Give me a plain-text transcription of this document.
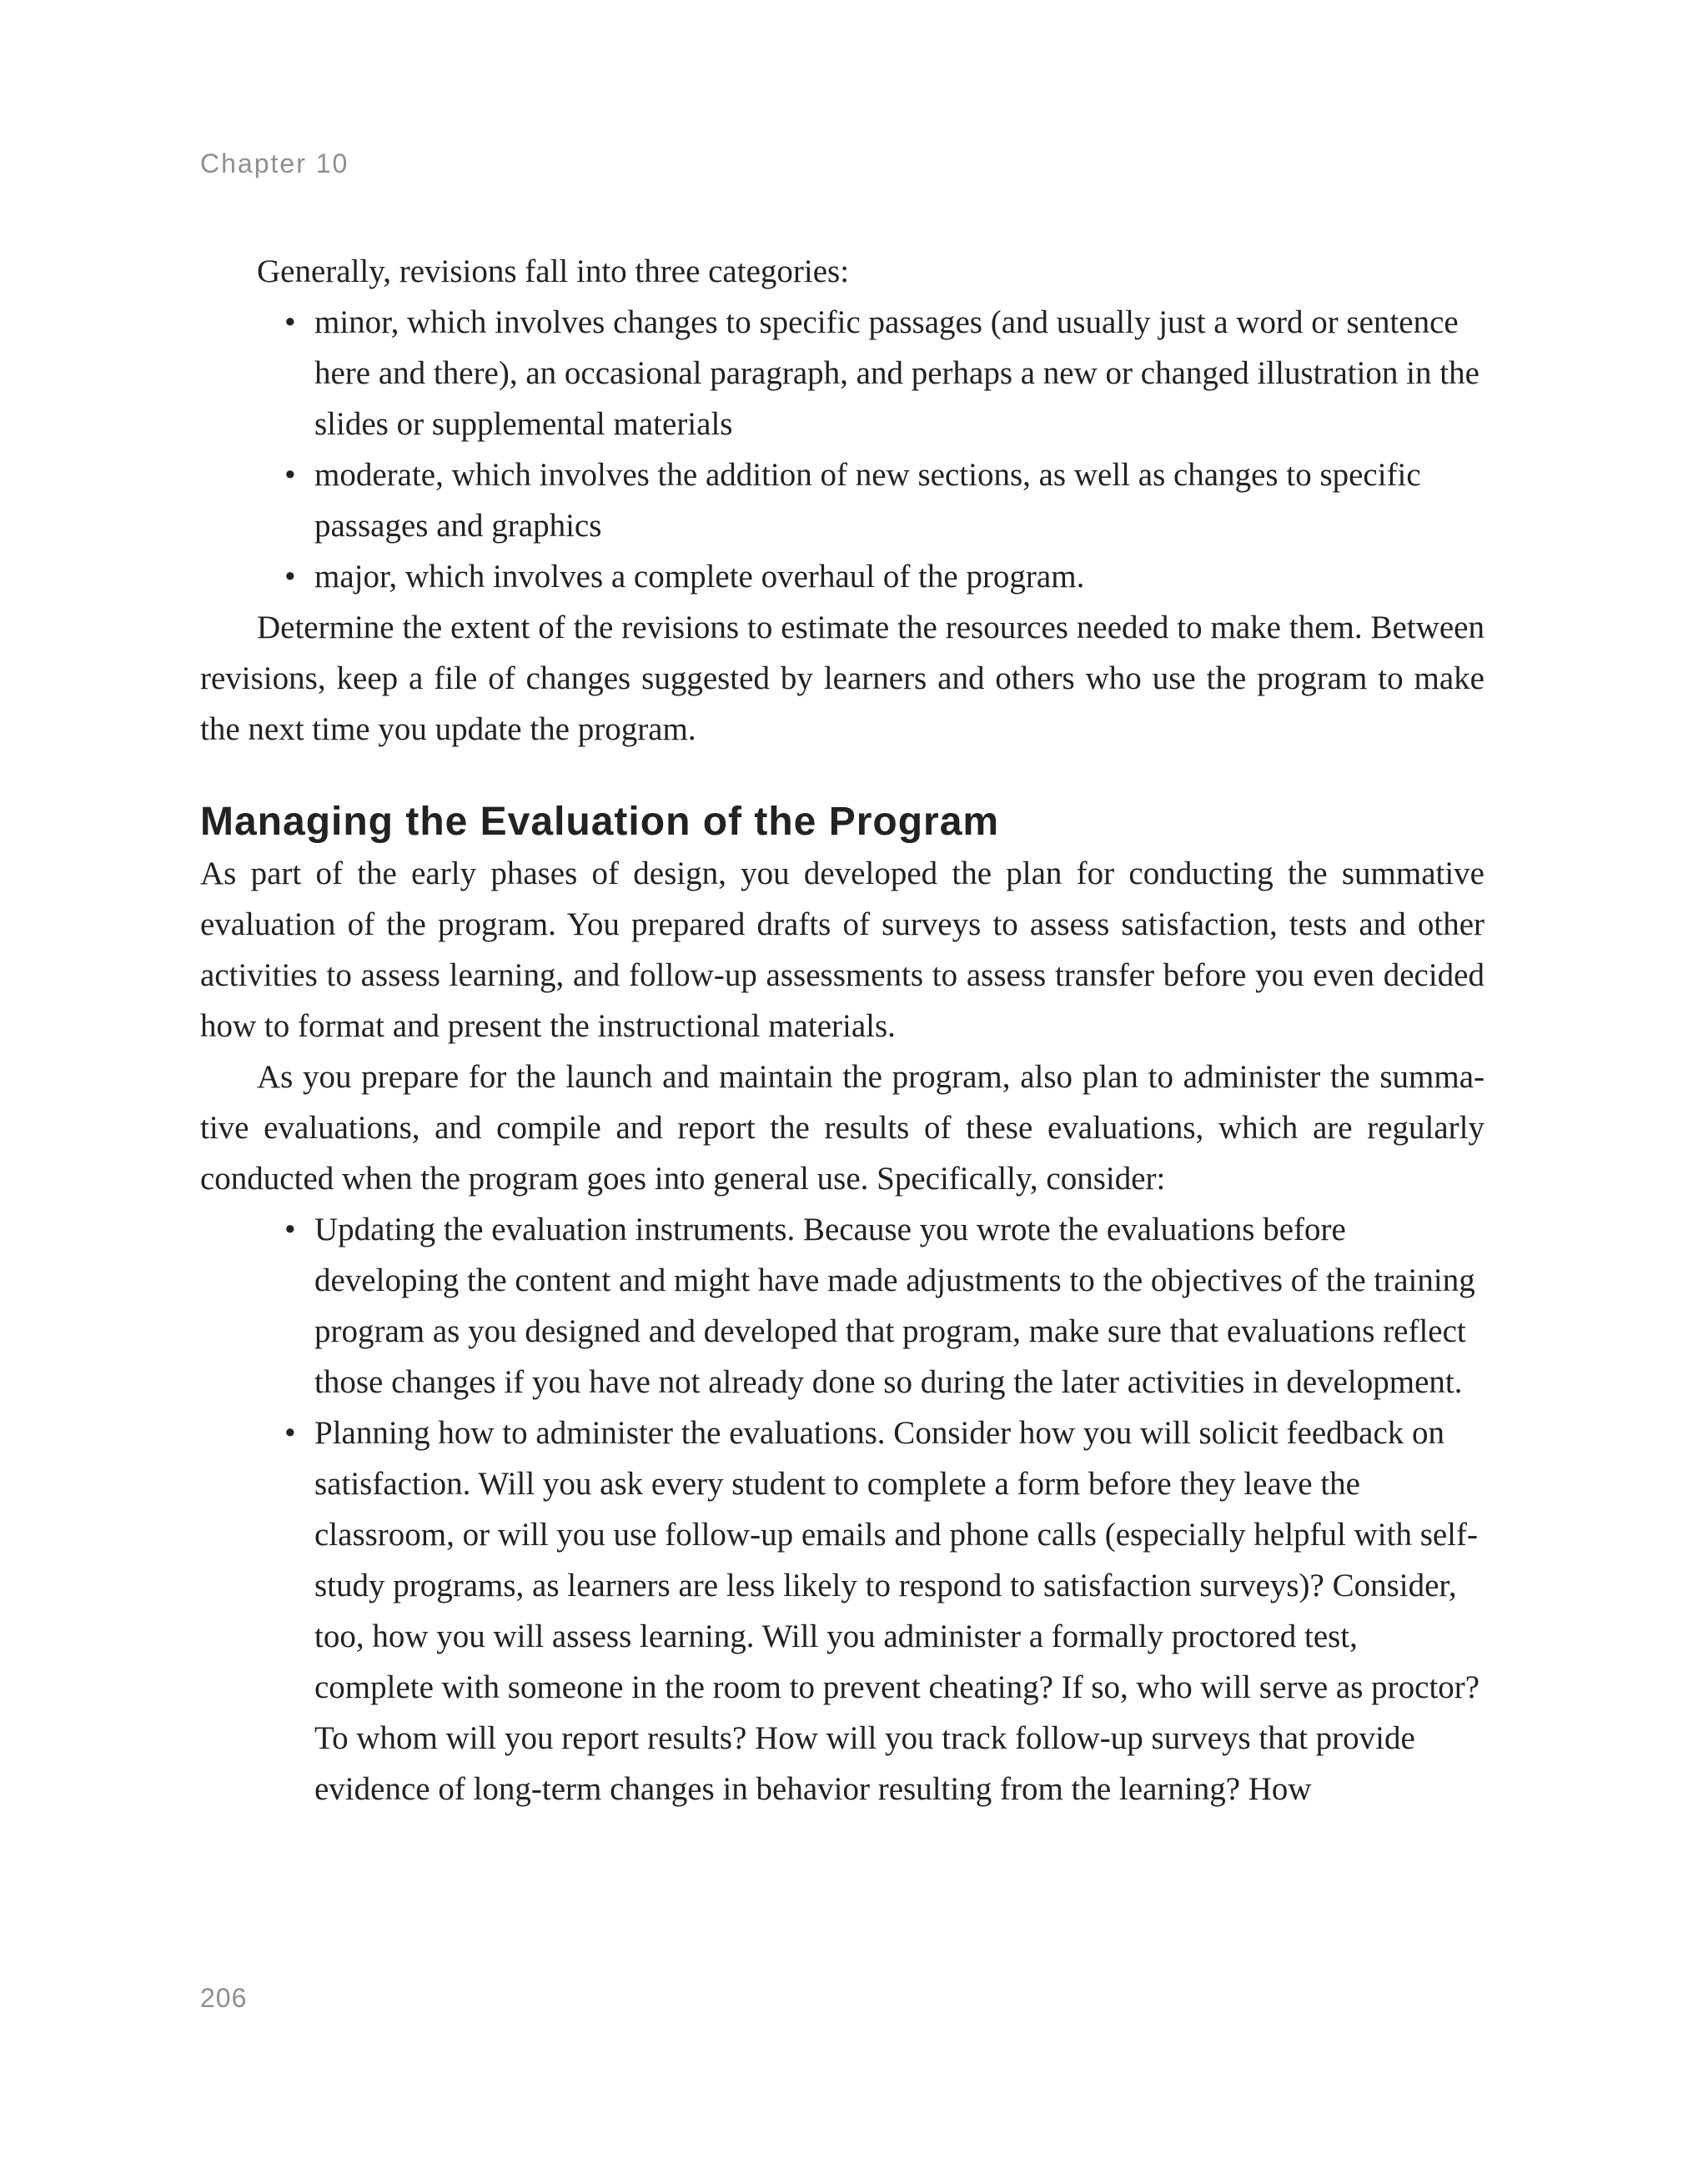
Chapter 10

Generally, revisions fall into three categories:

• minor, which involves changes to specific passages (and usually just a word or sentence here and there), an occasional paragraph, and perhaps a new or changed illustration in the slides or supplemental materials
• moderate, which involves the addition of new sections, as well as changes to specific passages and graphics
• major, which involves a complete overhaul of the program.

Determine the extent of the revisions to estimate the resources needed to make them. Between revisions, keep a file of changes suggested by learners and others who use the program to make the next time you update the program.

Managing the Evaluation of the Program

As part of the early phases of design, you developed the plan for conducting the summative evaluation of the program. You prepared drafts of surveys to assess satisfaction, tests and other activities to assess learning, and follow-up assessments to assess transfer before you even decided how to format and present the instructional materials.

As you prepare for the launch and maintain the program, also plan to administer the summative evaluations, and compile and report the results of these evaluations, which are regularly conducted when the program goes into general use. Specifically, consider:

• Updating the evaluation instruments. Because you wrote the evaluations before developing the content and might have made adjustments to the objectives of the training program as you designed and developed that program, make sure that evaluations reflect those changes if you have not already done so during the later activities in development.
• Planning how to administer the evaluations. Consider how you will solicit feedback on satisfaction. Will you ask every student to complete a form before they leave the classroom, or will you use follow-up emails and phone calls (especially helpful with self-study programs, as learners are less likely to respond to satisfaction surveys)? Consider, too, how you will assess learning. Will you administer a formally proctored test, complete with someone in the room to prevent cheating? If so, who will serve as proctor? To whom will you report results? How will you track follow-up surveys that provide evidence of long-term changes in behavior resulting from the learning? How
206
